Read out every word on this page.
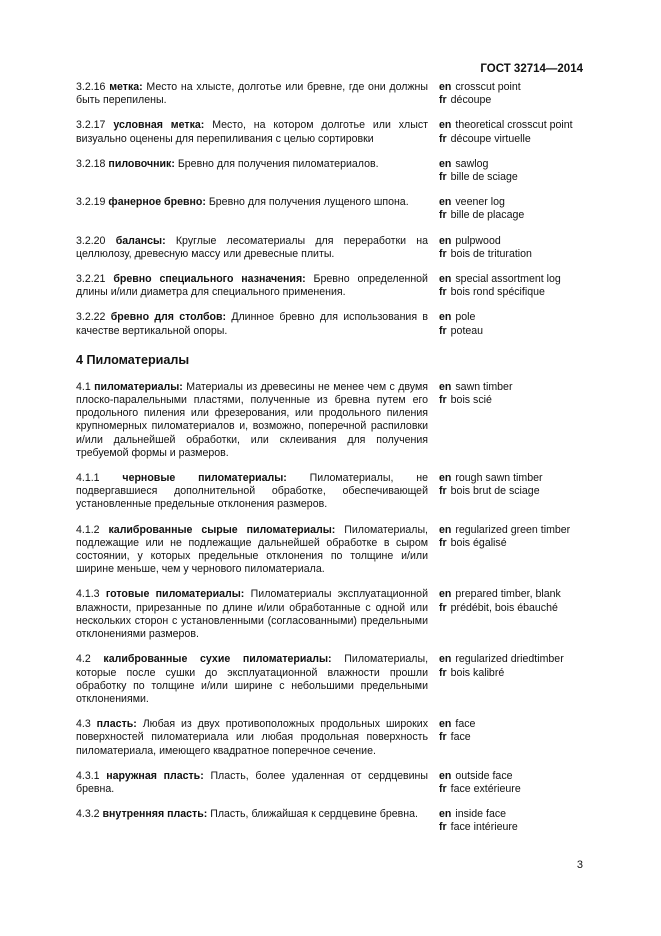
ГОСТ 32714—2014
3.2.16 метка: Место на хлысте, долготье или бревне, где они должны быть перепилены.
en crosscut point
fr découpe
3.2.17 условная метка: Место, на котором долготье или хлыст визуально оценены для перепиливания с целью сортировки
en theoretical crosscut point
fr découpe virtuelle
3.2.18 пиловочник: Бревно для получения пиломатериалов.	en sawlog
fr bille de sciage
3.2.19 фанерное бревно: Бревно для получения лущеного шпона.	en veener log
fr bille de placage
3.2.20 балансы: Круглые лесоматериалы для переработки на целлюлозу, древесную массу или древесные плиты.
en pulpwood
fr bois de trituration
3.2.21 бревно специального назначения: Бревно определенной длины и/или диаметра для специального применения.
en special assortment log
fr bois rond spécifique
3.2.22 бревно для столбов: Длинное бревно для использования в качестве вертикальной опоры.
en pole
fr poteau
4 Пиломатериалы
4.1 пиломатериалы: Материалы из древесины не менее чем с двумя плоско-паралельными пластями, полученные из бревна путем его продольного пиления или фрезерования, или продольного пиления крупномерных пиломатериалов и, возможно, поперечной распиловки и/или дальнейшей обработки, или склеивания для получения требуемой формы и размеров.
en sawn timber
fr bois scié
4.1.1 черновые пиломатериалы: Пиломатериалы, не подвергавшиеся дополнительной обработке, обеспечивающей установленные предельные отклонения размеров.
en rough sawn timber
fr bois brut de sciage
4.1.2 калиброванные сырые пиломатериалы: Пиломатериалы, подлежащие или не подлежащие дальнейшей обработке в сыром состоянии, у которых предельные отклонения по толщине и/или ширине меньше, чем у чернового пиломатериала.
en regularized green timber
fr bois égalisé
4.1.3 готовые пиломатериалы: Пиломатериалы эксплуатационной влажности, прирезанные по длине и/или обработанные с одной или нескольких сторон с установленными (согласованными) предельными отклонениями размеров.
en prepared timber, blank
fr prédébit, bois ébauché
4.2 калиброванные сухие пиломатериалы: Пиломатериалы, которые после сушки до эксплуатационной влажности прошли обработку по толщине и/или ширине с небольшими предельными отклонениями.
en regularized driedtimber
fr bois kalibré
4.3 пласть: Любая из двух противоположных продольных широких поверхностей пиломатериала или любая продольная поверхность пиломатериала, имеющего квадратное поперечное сечение.
en face
fr face
4.3.1 наружная пласть: Пласть, более удаленная от сердцевины бревна.
en outside face
fr face extérieure
4.3.2 внутренняя пласть: Пласть, ближайшая к сердцевине бревна.	en inside face
fr face intérieure
3
